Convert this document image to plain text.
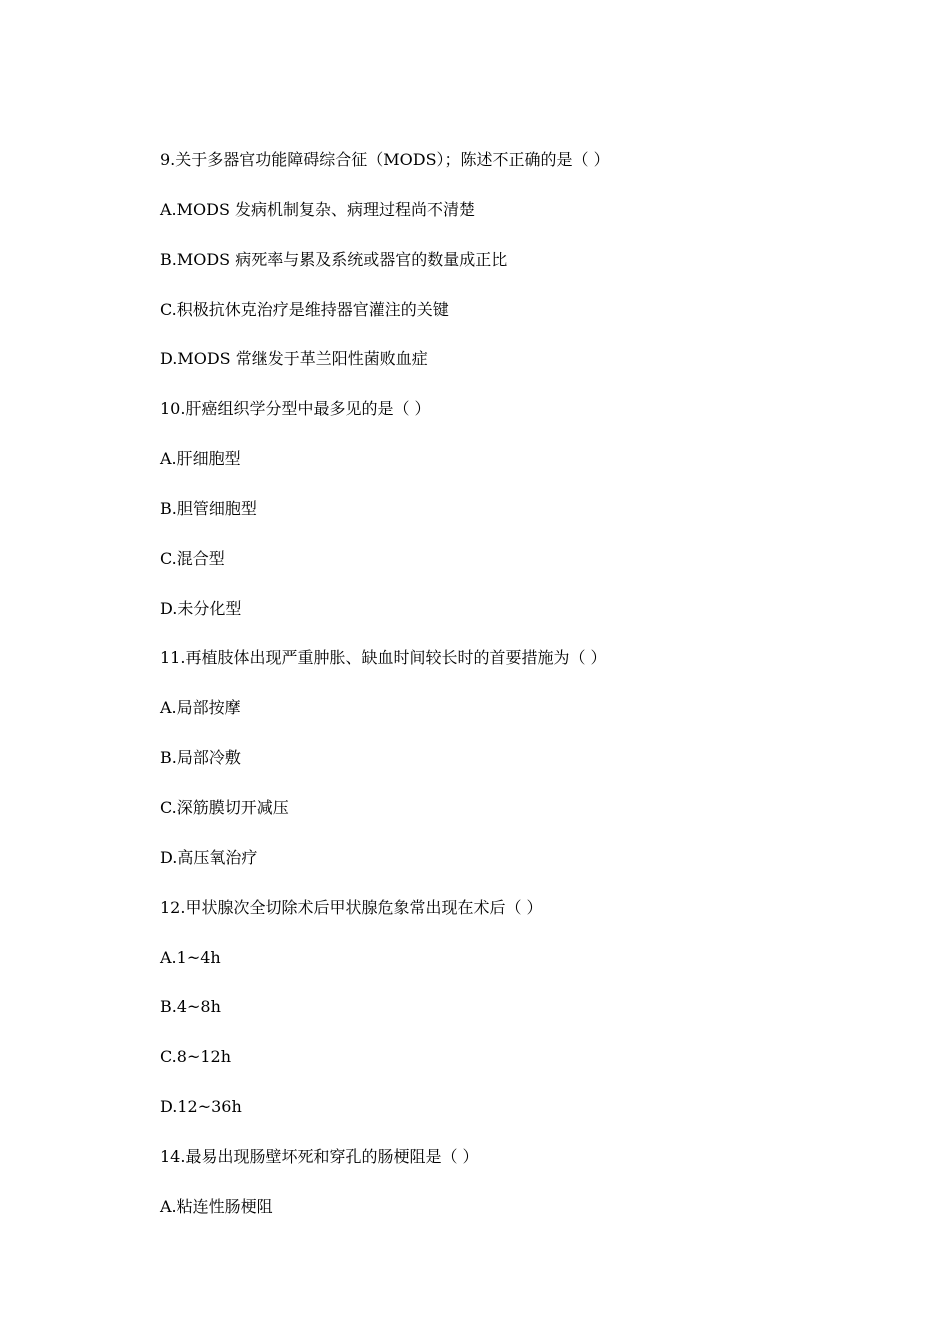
9.关于多器官功能障碍综合征（MODS）；陈述不正确的是（ ）
A.MODS 发病机制复杂、病理过程尚不清楚
B.MODS 病死率与累及系统或器官的数量成正比
C.积极抗休克治疗是维持器官灌注的关键
D.MODS 常继发于革兰阳性菌败血症
10.肝癌组织学分型中最多见的是（ ）
A.肝细胞型
B.胆管细胞型
C.混合型
D.未分化型
11.再植肢体出现严重肿胀、缺血时间较长时的首要措施为（ ）
A.局部按摩
B.局部冷敷
C.深筋膜切开减压
D.高压氧治疗
12.甲状腺次全切除术后甲状腺危象常出现在术后（ ）
A.1~4h
B.4~8h
C.8~12h
D.12~36h
14.最易出现肠壁坏死和穿孔的肠梗阻是（ ）
A.粘连性肠梗阻
